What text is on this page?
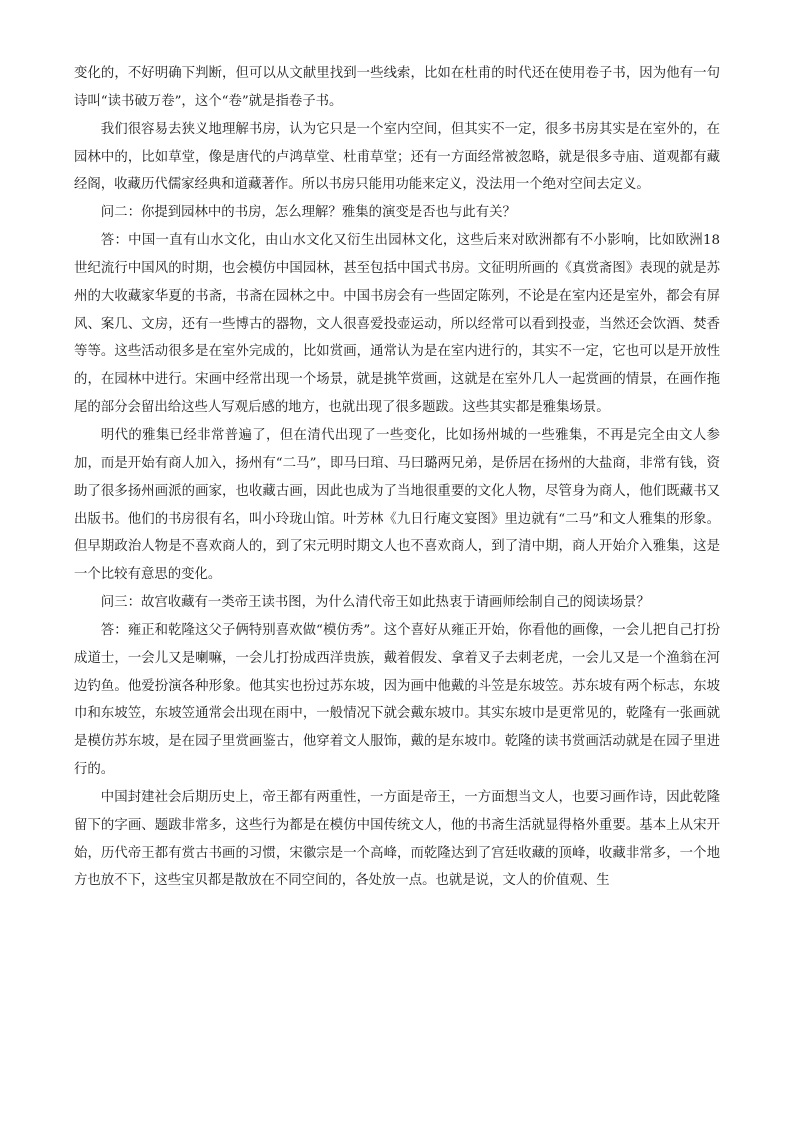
变化的，不好明确下判断，但可以从文献里找到一些线索，比如在杜甫的时代还在使用卷子书，因为他有一句诗叫“读书破万卷”，这个“卷”就是指卷子书。

我们很容易去狭义地理解书房，认为它只是一个室内空间，但其实不一定，很多书房其实是在室外的，在园林中的，比如草堂，像是唐代的卢鸿草堂、杜甫草堂；还有一方面经常被忽略，就是很多寺庙、道观都有藏经阁，收藏历代儒家经典和道藏著作。所以书房只能用功能来定义，没法用一个绝对空间去定义。

问二：你提到园林中的书房，怎么理解？雅集的演变是否也与此有关？

答：中国一直有山水文化，由山水文化又衍生出园林文化，这些后来对欧洲都有不小影响，比如欧洲18世纪流行中国风的时期，也会模仿中国园林，甚至包括中国式书房。文征明所画的《真赏斋图》表现的就是苏州的大收藏家华夏的书斋，书斋在园林之中。中国书房会有一些固定陈列，不论是在室内还是室外，都会有屏风、案几、文房，还有一些博古的器物，文人很喜爱投壶运动，所以经常可以看到投壶，当然还会饮酒、焚香等等。这些活动很多是在室外完成的，比如赏画，通常认为是在室内进行的，其实不一定，它也可以是开放性的，在园林中进行。宋画中经常出现一个场景，就是挑竿赏画，这就是在室外几人一起赏画的情景，在画作拖尾的部分会留出给这些人写观后感的地方，也就出现了很多题跋。这些其实都是雅集场景。

明代的雅集已经非常普遍了，但在清代出现了一些变化，比如扬州城的一些雅集，不再是完全由文人参加，而是开始有商人加入，扬州有“二马”，即马曰琯、马曰璐两兄弟，是侨居在扬州的大盐商，非常有钱，资助了很多扬州画派的画家，也收藏古画，因此也成为了当地很重要的文化人物，尽管身为商人，他们既藏书又出版书。他们的书房很有名，叫小玲珑山馆。叶芳林《九日行庵文宴图》里边就有“二马”和文人雅集的形象。但早期政治人物是不喜欢商人的，到了宋元明时期文人也不喜欢商人，到了清中期，商人开始介入雅集，这是一个比较有意思的变化。

问三：故宫收藏有一类帝王读书图，为什么清代帝王如此热衷于请画师绘制自己的阅读场景？

答：雍正和乾隆这父子俩特别喜欢做“模仿秀”。这个喜好从雍正开始，你看他的画像，一会儿把自己打扮成道士，一会儿又是喇嘛，一会儿打扮成西洋贵族，戴着假发、拿着叉子去刺老虎，一会儿又是一个渔翁在河边钓鱼。他爱扮演各种形象。他其实也扮过苏东坡，因为画中他戴的斗笠是东坡笠。苏东坡有两个标志，东坡巾和东坡笠，东坡笠通常会出现在雨中，一般情况下就会戴东坡巾。其实东坡巾是更常见的，乾隆有一张画就是模仿苏东坡，是在园子里赏画鉴古，他穿着文人服饰，戴的是东坡巾。乾隆的读书赏画活动就是在园子里进行的。

中国封建社会后期历史上，帝王都有两重性，一方面是帝王，一方面想当文人，也要习画作诗，因此乾隆留下的字画、题跋非常多，这些行为都是在模仿中国传统文人，他的书斋生活就显得格外重要。基本上从宋开始，历代帝王都有赏古书画的习惯，宋徽宗是一个高峰，而乾隆达到了宫廷收藏的顶峰，收藏非常多，一个地方也放不下，这些宝贝都是散放在不同空间的，各处放一点。也就是说，文人的价值观、生
